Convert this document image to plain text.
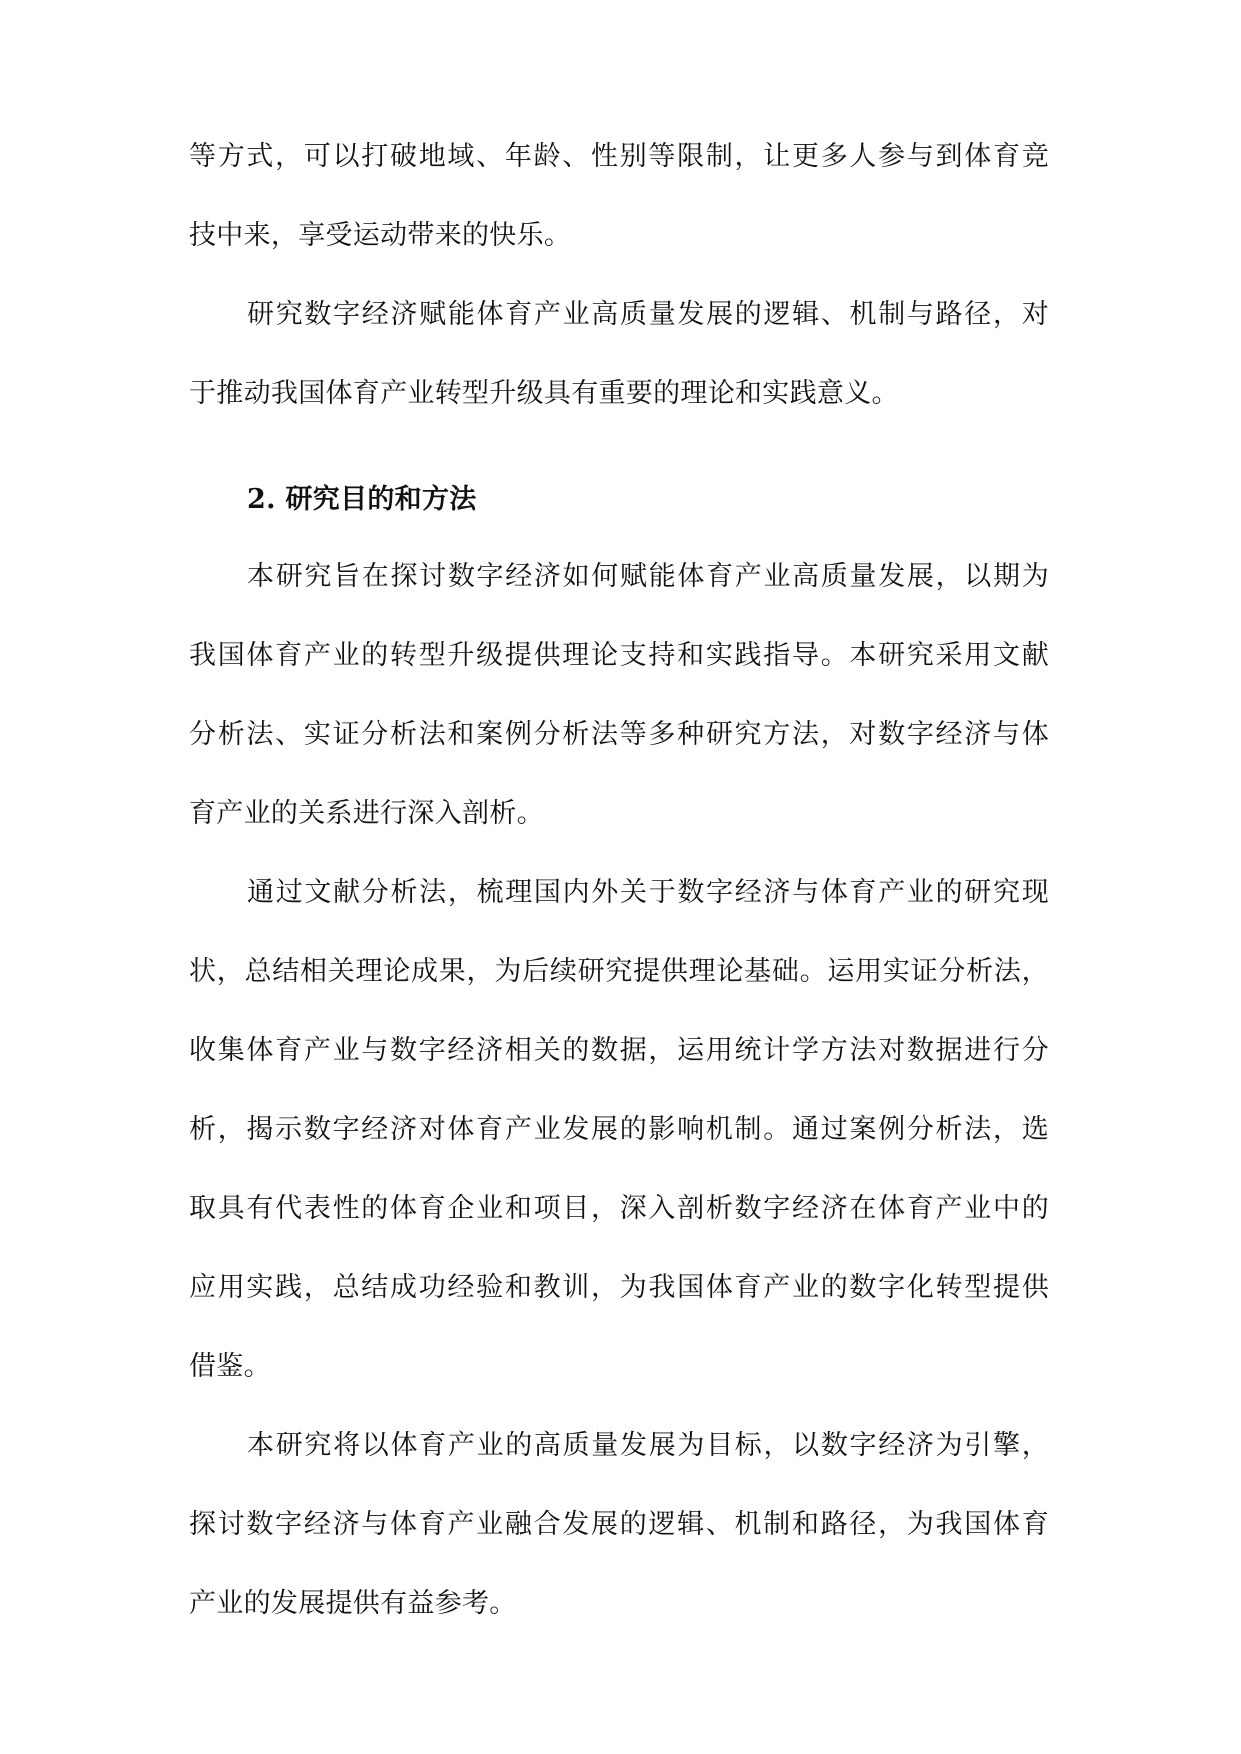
等方式，可以打破地域、年龄、性别等限制，让更多人参与到体育竞
技中来，享受运动带来的快乐。
研究数字经济赋能体育产业高质量发展的逻辑、机制与路径，对
于推动我国体育产业转型升级具有重要的理论和实践意义。
2. 研究目的和方法
本研究旨在探讨数字经济如何赋能体育产业高质量发展，以期为
我国体育产业的转型升级提供理论支持和实践指导。本研究采用文献
分析法、实证分析法和案例分析法等多种研究方法，对数字经济与体
育产业的关系进行深入剖析。
通过文献分析法，梳理国内外关于数字经济与体育产业的研究现
状，总结相关理论成果，为后续研究提供理论基础。运用实证分析法，
收集体育产业与数字经济相关的数据，运用统计学方法对数据进行分
析，揭示数字经济对体育产业发展的影响机制。通过案例分析法，选
取具有代表性的体育企业和项目，深入剖析数字经济在体育产业中的
应用实践，总结成功经验和教训，为我国体育产业的数字化转型提供
借鉴。
本研究将以体育产业的高质量发展为目标，以数字经济为引擎，
探讨数字经济与体育产业融合发展的逻辑、机制和路径，为我国体育
产业的发展提供有益参考。
